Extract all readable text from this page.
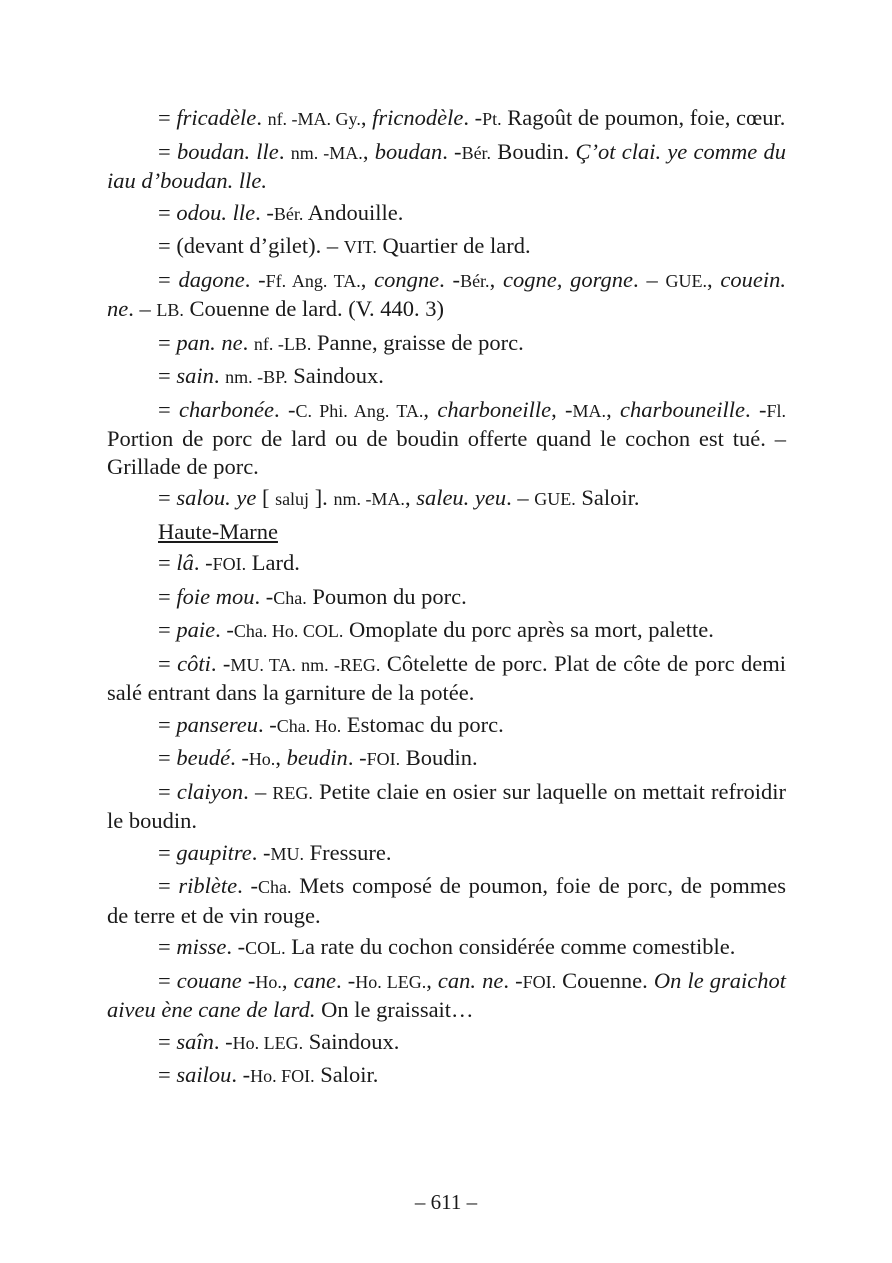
= fricadèle. nf. -MA. Gy., fricnodèle. -Pt. Ragoût de poumon, foie, cœur.
= boudan. lle. nm. -MA., boudan. -Bér. Boudin. Ç’ot clai. ye comme du iau d’boudan. lle.
= odou. lle. -Bér. Andouille.
= (devant d’gilet). – VIT. Quartier de lard.
= dagone. -Ff. Ang. TA., congne. -Bér., cogne, gorgne. – GUE., couein. ne. – LB. Couenne de lard. (V. 440. 3)
= pan. ne. nf. -LB. Panne, graisse de porc.
= sain. nm. -BP. Saindoux.
= charbonée. -C. Phi. Ang. TA., charboneille, -MA., charbouneille. -Fl. Portion de porc de lard ou de boudin offerte quand le cochon est tué. – Grillade de porc.
= salou. ye [ saluj ]. nm. -MA., saleu. yeu. – GUE. Saloir.
Haute-Marne
= lâ. -FOI. Lard.
= foie mou. -Cha. Poumon du porc.
= paie. -Cha. Ho. COL. Omoplate du porc après sa mort, palette.
= côti. -MU. TA. nm. -REG. Côtelette de porc. Plat de côte de porc demi salé entrant dans la garniture de la potée.
= pansereu. -Cha. Ho. Estomac du porc.
= beudé. -Ho., beudin. -FOI. Boudin.
= claiyon. – REG. Petite claie en osier sur laquelle on mettait refroidir le boudin.
= gaupitre. -MU. Fressure.
= riblète. -Cha. Mets composé de poumon, foie de porc, de pommes de terre et de vin rouge.
= misse. -COL. La rate du cochon considérée comme comestible.
= couane -Ho., cane. -Ho. LEG., can. ne. -FOI. Couenne. On le graichot aiveu ène cane de lard. On le graissait…
= saîn. -Ho. LEG. Saindoux.
= sailou. -Ho. FOI. Saloir.
– 611 –
